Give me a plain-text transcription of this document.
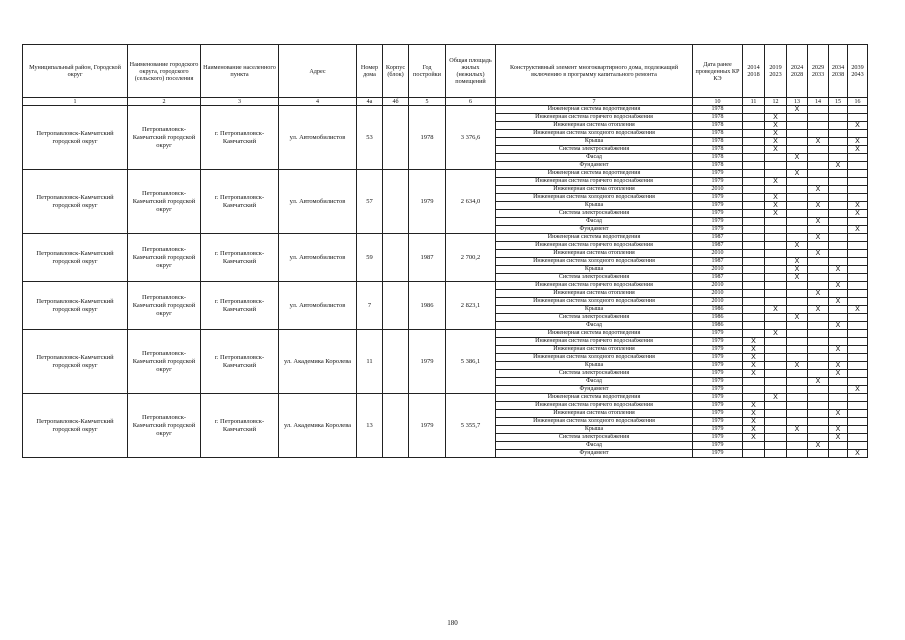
Муниципальный район, Городской округ	Наименование городского округа, городского (сельского) поселения	Наименование населенного пункта	Адрес	Номер дома	Корпус (блок)	Год постройки	Общая площадь жилых (нежилых) помещений	Конструктивный элемент многоквартирного дома, подлежащий включению в программу капитального ремонта	Дата ранее проведенных КР КЭ	2014 2018	2019 2023	2024 2028	2029 2033	2034 2038	2039 2043
1	2	3	4	4а	4б	5	6	7	10	11	12	13	14	15	16
Петропавловск-Камчатский городской округ	Петропавловск-Камчатский городской округ	г. Петропавловск-Камчатский	ул. Автомобилистов	53		1978	3 376,6	Инженерная система водоотведения	1978			X			
								Инженерная система горячего водоснабжения	1978		X				
								Инженерная система отопления	1978		X				X
								Инженерная система холодного водоснабжения	1978		X				
								Крыша	1978		X		X		X
								Система электроснабжения	1978		X				X
								Фасад	1978			X			
								Фундамент	1978					X	
Петропавловск-Камчатский городской округ	Петропавловск-Камчатский городской округ	г. Петропавловск-Камчатский	ул. Автомобилистов	57		1979	2 634,0	Инженерная система водоотведения	1979			X			
								Инженерная система горячего водоснабжения	1979		X				
								Инженерная система отопления	2010				X		
								Инженерная система холодного водоснабжения	1979		X				
								Крыша	1979		X		X		X
								Система электроснабжения	1979		X				X
								Фасад	1979				X		
								Фундамент	1979						X
Петропавловск-Камчатский городской округ	Петропавловск-Камчатский городской округ	г. Петропавловск-Камчатский	ул. Автомобилистов	59		1987	2 700,2	Инженерная система водоотведения	1987				X		
								Инженерная система горячего водоснабжения	1987			X			
								Инженерная система отопления	2010				X		
								Инженерная система холодного водоснабжения	1987			X			
								Крыша	2010			X		X	
								Система электроснабжения	1987			X			
Петропавловск-Камчатский городской округ	Петропавловск-Камчатский городской округ	г. Петропавловск-Камчатский	ул. Автомобилистов	7		1986	2 823,1	Инженерная система горячего водоснабжения	2010					X	
								Инженерная система отопления	2010				X		
								Инженерная система холодного водоснабжения	2010					X	
								Крыша	1986		X		X		X
								Система электроснабжения	1986			X			
								Фасад	1986					X	
Петропавловск-Камчатский городской округ	Петропавловск-Камчатский городской округ	г. Петропавловск-Камчатский	ул. Академика Королева	11		1979	5 386,1	Инженерная система водоотведения	1979		X				
								Инженерная система горячего водоснабжения	1979	X					
								Инженерная система отопления	1979	X				X	
								Инженерная система холодного водоснабжения	1979	X					
								Крыша	1979	X		X		X	
								Система электроснабжения	1979	X				X	
								Фасад	1979				X		
								Фундамент	1979						X
Петропавловск-Камчатский городской округ	Петропавловск-Камчатский городской округ	г. Петропавловск-Камчатский	ул. Академика Королева	13		1979	5 355,7	Инженерная система водоотведения	1979		X				
								Инженерная система горячего водоснабжения	1979	X					
								Инженерная система отопления	1979	X				X	
								Инженерная система холодного водоснабжения	1979	X					
								Крыша	1979	X		X		X	
								Система электроснабжения	1979	X				X	
								Фасад	1979				X		
								Фундамент	1979						X
180
